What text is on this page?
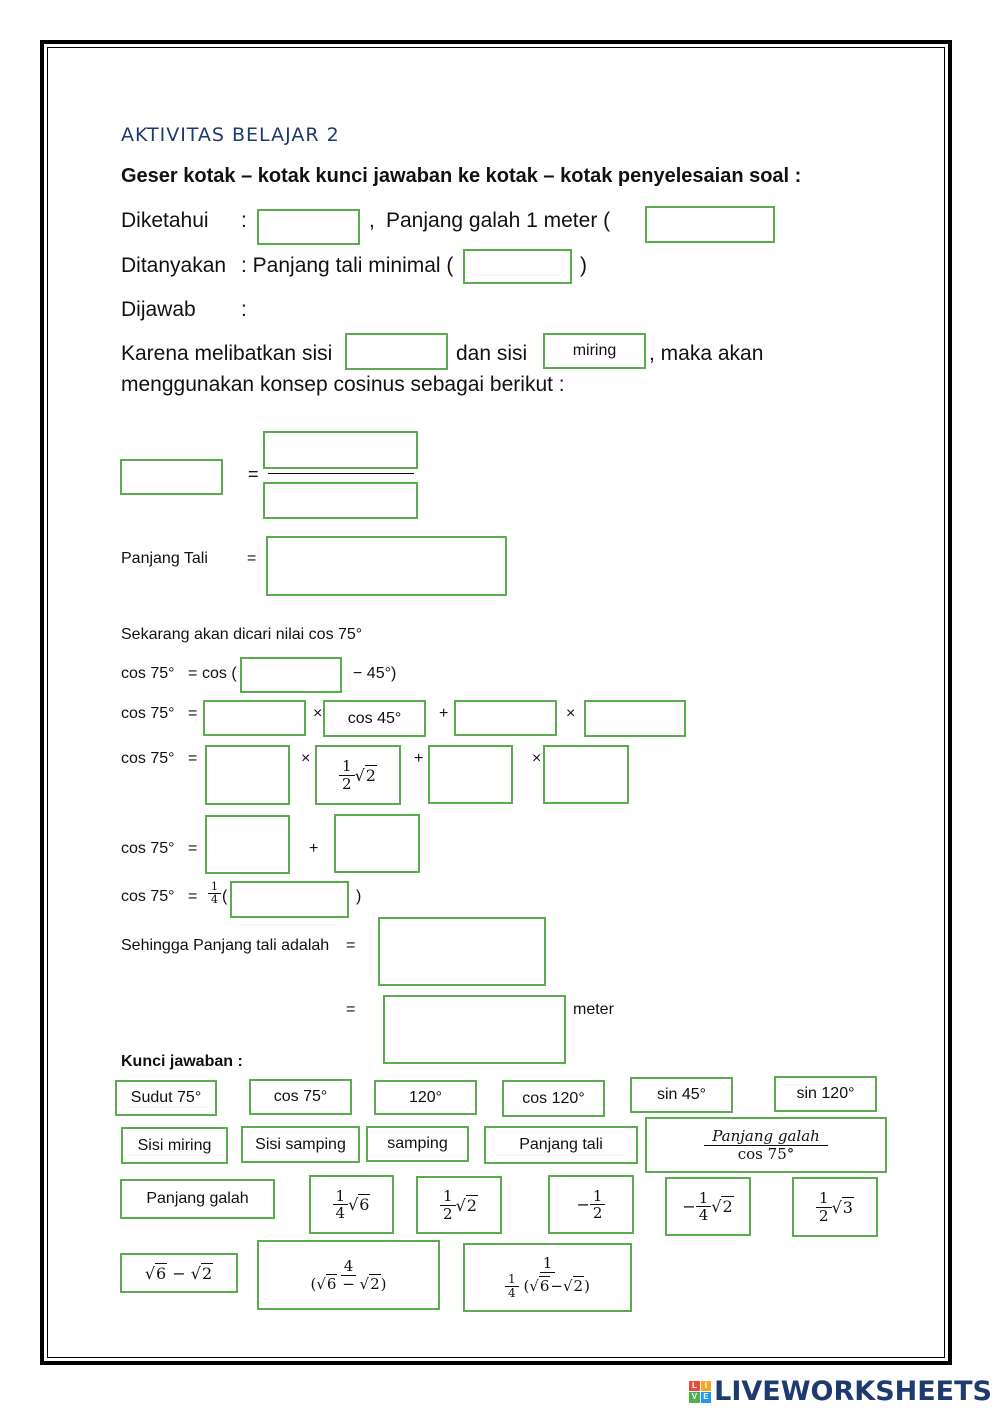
AKTIVITAS BELAJAR 2
Geser kotak – kotak kunci jawaban ke kotak – kotak penyelesaian soal :
Diketahui :	, Panjang galah 1 meter (
Ditanyakan : Panjang tali minimal (	)
Dijawab :
Karena melibatkan sisi	dan sisi	miring	, maka akan
menggunakan konsep cosinus sebagai berikut :
=
Panjang Tali =
Sekarang akan dicari nilai cos 75°
cos 75° = cos (	− 45°)
cos 75° =	×	cos 45°	+	×
cos 75° =	× $\frac{1}{2} √2$
+	×
cos 75° =	+
$\cos 75^\circ = \frac{1}{4}$ (	)
Sehingga Panjang tali adalah =
=	meter
Kunci jawaban :
Sudut 75°	cos 75°	120°	cos 120°	sin 45°	sin 120°
Sisi miring	Sisi samping	samping	Panjang tali	$\frac{\text{Panjang galah}}{\cos 75^\circ}$
Panjang galah	$\frac{1}{4} √6$	$\frac{1}{2} √2$	− $\frac{1}{2}$	− $\frac{1}{4} √2$	$\frac{1}{2} √3$
√6
−
√2	$\frac{4}{(√6 - √2)}$	$\frac{1}{\frac{1}{4} ( √6 - √2 )}$
L I
V E LIVEWORKSHEETS
